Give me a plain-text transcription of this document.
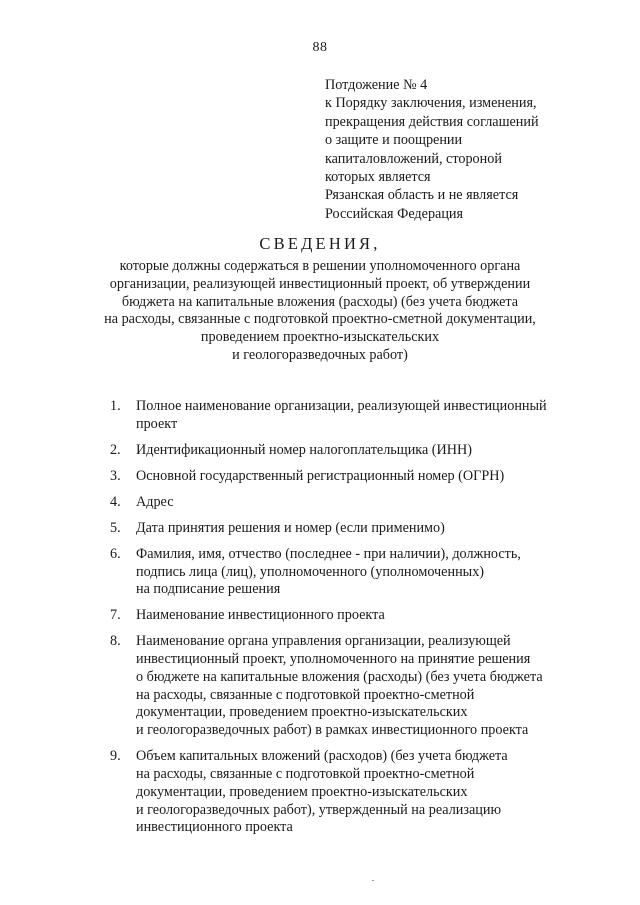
88
Потдожение № 4
к Порядку заключения, изменения,
прекращения действия соглашений
о защите и поощрении
капиталовложений, стороной
которых является
Рязанская область и не является
Российская Федерация
СВЕДЕНИЯ,
которые должны содержаться в решении уполномоченного органа
организации, реализующей инвестиционный проект, об утверждении
бюджета на капитальные вложения (расходы) (без учета бюджета
на расходы, связанные с подготовкой проектно-сметной документации,
проведением проектно-изыскательских
и геологоразведочных работ)
1. Полное наименование организации, реализующей инвестиционный
проект
2. Идентификационный номер налогоплательщика (ИНН)
3. Основной государственный регистрационный номер (ОГРН)
4. Адрес
5. Дата принятия решения и номер (если применимо)
6. Фамилия, имя, отчество (последнее - при наличии), должность,
подпись лица (лиц), уполномоченного (уполномоченных)
на подписание решения
7. Наименование инвестиционного проекта
8. Наименование органа управления организации, реализующей
инвестиционный проект, уполномоченного на принятие решения
о бюджете на капитальные вложения (расходы) (без учета бюджета
на расходы, связанные с подготовкой проектно-сметной
документации, проведением проектно-изыскательских
и геологоразведочных работ) в рамках инвестиционного проекта
9. Объем капитальных вложений (расходов) (без учета бюджета
на расходы, связанные с подготовкой проектно-сметной
документации, проведением проектно-изыскательских
и геологоразведочных работ), утвержденный на реализацию
инвестиционного проекта
